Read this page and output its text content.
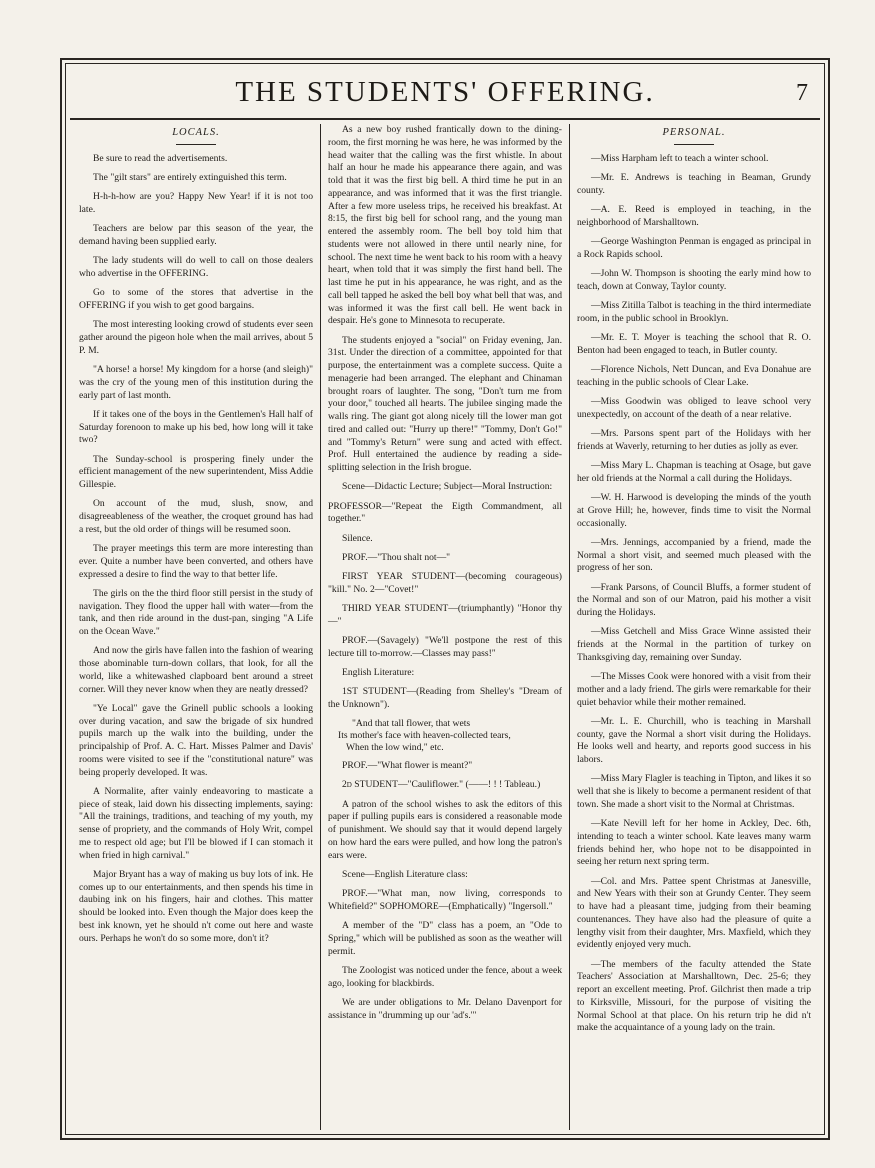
THE STUDENTS' OFFERING.	7
LOCALS.

Be sure to read the advertisements.

The "gilt stars" are entirely extinguished this term.

H-h-h-how are you? Happy New Year! if it is not too late.

Teachers are below par this season of the year, the demand having been supplied early.

The lady students will do well to call on those dealers who advertise in the OFFERING.

Go to some of the stores that advertise in the OFFERING if you wish to get good bargains.

The most interesting looking crowd of students ever seen gather around the pigeon hole when the mail arrives, about 5 P. M.

"A horse! a horse! My kingdom for a horse (and sleigh)" was the cry of the young men of this institution during the early part of last month.

If it takes one of the boys in the Gentlemen's Hall half of Saturday forenoon to make up his bed, how long will it take two?

The Sunday-school is prospering finely under the efficient management of the new superintendent, Miss Addie Gillespie.

On account of the mud, slush, snow, and disagreeableness of the weather, the croquet ground has had a rest, but the old order of things will be resumed soon.

The prayer meetings this term are more interesting than ever. Quite a number have been converted, and others have expressed a desire to find the way to that better life.

The girls on the the third floor still persist in the study of navigation. They flood the upper hall with water—from the tank, and then ride around in the dust-pan, singing "A Life on the Ocean Wave."

And now the girls have fallen into the fashion of wearing those abominable turn-down collars, that look, for all the world, like a whitewashed clapboard bent around a street corner. Will they never know when they are neatly dressed?

"Ye Local" gave the Grinell public schools a looking over during vacation, and saw the brigade of six hundred pupils march up the walk into the building, under the principalship of Prof. A. C. Hart. Misses Palmer and Davis' rooms were visited to see if the "constitutional nature" was being properly developed. It was.

A Normalite, after vainly endeavoring to masticate a piece of steak, laid down his dissecting implements, saying: "All the trainings, traditions, and teaching of my youth, my sense of propriety, and the commands of Holy Writ, compel me to respect old age; but I'll be blowed if I can stomach it when fried in high carnival."

Major Bryant has a way of making us buy lots of ink. He comes up to our entertainments, and then spends his time in daubing ink on his fingers, hair and clothes. This matter should be looked into. Even though the Major does keep the best ink known, yet he should n't come out here and waste ours. Perhaps he won't do so some more, don't it?

As a new boy rushed frantically down to the dining-room, the first morning he was here, he was informed by the head waiter that the calling was the first whistle. In about half an hour he made his appearance there again, and was told that it was the first big bell. A third time he put in an appearance, and was informed that it was the first triangle. After a few more useless trips, he received his breakfast. At 8:15, the first big bell for school rang, and the young man entered the assembly room. The bell boy told him that students were not allowed in there until nearly nine, for school. The next time he went back to his room with a heavy heart, when told that it was simply the first hand bell. The last time he put in his appearance, he was right, and as the call bell tapped he asked the bell boy what bell that was, and was informed it was the first call bell. He went back in despair. He's gone to Minnesota to recuperate.

The students enjoyed a "social" on Friday evening, Jan. 31st. Under the direction of a committee, appointed for that purpose, the entertainment was a complete success. Quite a menagerie had been arranged. The elephant and Chinaman brought roars of laughter. The song, "Don't turn me from your door," touched all hearts. The jubilee singing made the walls ring. The giant got along nicely till the lower man got tired and called out: "Hurry up there!" "Tommy, Don't Go!" and "Tommy's Return" were sung and acted with effect. Prof. Hull entertained the audience by reading a side-splitting selection in the Irish brogue.

Scene—Didactic Lecture; Subject—Moral Instruction:

PROFESSOR—"Repeat the Eigth Commandment, all together."

Silence.

PROF.—"Thou shalt not—"

FIRST YEAR STUDENT—(becoming courageous) "kill." No. 2—"Covet!"

THIRD YEAR STUDENT—(triumphantly) "Honor thy—"

PROF.—(Savagely) "We'll postpone the rest of this lecture till to-morrow.—Classes may pass!"

English Literature:

1ST STUDENT—(Reading from Shelley's "Dream of the Unknown").

"And that tall flower, that wets
Its mother's face with heaven-collected tears,
When the low wind," etc.

PROF.—"What flower is meant?"

2d STUDENT—"Cauliflower." (——! ! ! Tableau.)

A patron of the school wishes to ask the editors of this paper if pulling pupils ears is considered a reasonable mode of punishment. We should say that it would depend largely on how hard the ears were pulled, and how long the patron's ears were.

Scene—English Literature class:

PROF.—"What man, now living, corresponds to Whitefield?" SOPHOMORE—(Emphatically) "Ingersoll."

A member of the "D" class has a poem, an "Ode to Spring," which will be published as soon as the weather will permit.

The Zoologist was noticed under the fence, about a week ago, looking for blackbirds.

We are under obligations to Mr. Delano Davenport for assistance in "drumming up our 'ad's.'"

PERSONAL.

—Miss Harpham left to teach a winter school.

—Mr. E. Andrews is teaching in Beaman, Grundy county.

—A. E. Reed is employed in teaching, in the neighborhood of Marshalltown.

—George Washington Penman is engaged as principal in a Rock Rapids school.

—John W. Thompson is shooting the early mind how to teach, down at Conway, Taylor county.

—Miss Zitilla Talbot is teaching in the third intermediate room, in the public school in Brooklyn.

—Mr. E. T. Moyer is teaching the school that R. O. Benton had been engaged to teach, in Butler county.

—Florence Nichols, Nett Duncan, and Eva Donahue are teaching in the public schools of Clear Lake.

—Miss Goodwin was obliged to leave school very unexpectedly, on account of the death of a near relative.

—Mrs. Parsons spent part of the Holidays with her friends at Waverly, returning to her duties as jolly as ever.

—Miss Mary L. Chapman is teaching at Osage, but gave her old friends at the Normal a call during the Holidays.

—W. H. Harwood is developing the minds of the youth at Grove Hill; he, however, finds time to visit the Normal occasionally.

—Mrs. Jennings, accompanied by a friend, made the Normal a short visit, and seemed much pleased with the progress of her son.

—Frank Parsons, of Council Bluffs, a former student of the Normal and son of our Matron, paid his mother a visit during the Holidays.

—Miss Getchell and Miss Grace Winne assisted their friends at the Normal in the partition of turkey on Thanksgiving day, remaining over Sunday.

—The Misses Cook were honored with a visit from their mother and a lady friend. The girls were remarkable for their quiet behavior while their mother remained.

—Mr. L. E. Churchill, who is teaching in Marshall county, gave the Normal a short visit during the Holidays. He looks well and hearty, and reports good success in his labors.

—Miss Mary Flagler is teaching in Tipton, and likes it so well that she is likely to become a permanent resident of that town. She made a short visit to the Normal at Christmas.

—Kate Nevill left for her home in Ackley, Dec. 6th, intending to teach a winter school. Kate leaves many warm friends behind her, who hope not to be disappointed in seeing her return next spring term.

—Col. and Mrs. Pattee spent Christmas at Janesville, and New Years with their son at Grundy Center. They seem to have had a pleasant time, judging from their beaming countenances. They have also had the pleasure of quite a lengthy visit from their daughter, Mrs. Maxfield, which they evidently enjoyed very much.

—The members of the faculty attended the State Teachers' Association at Marshalltown, Dec. 25-6; they report an excellent meeting. Prof. Gilchrist then made a trip to Kirksville, Missouri, for the purpose of visiting the Normal School at that place. On his return trip he did n't make the acquaintance of a young lady on the train.
